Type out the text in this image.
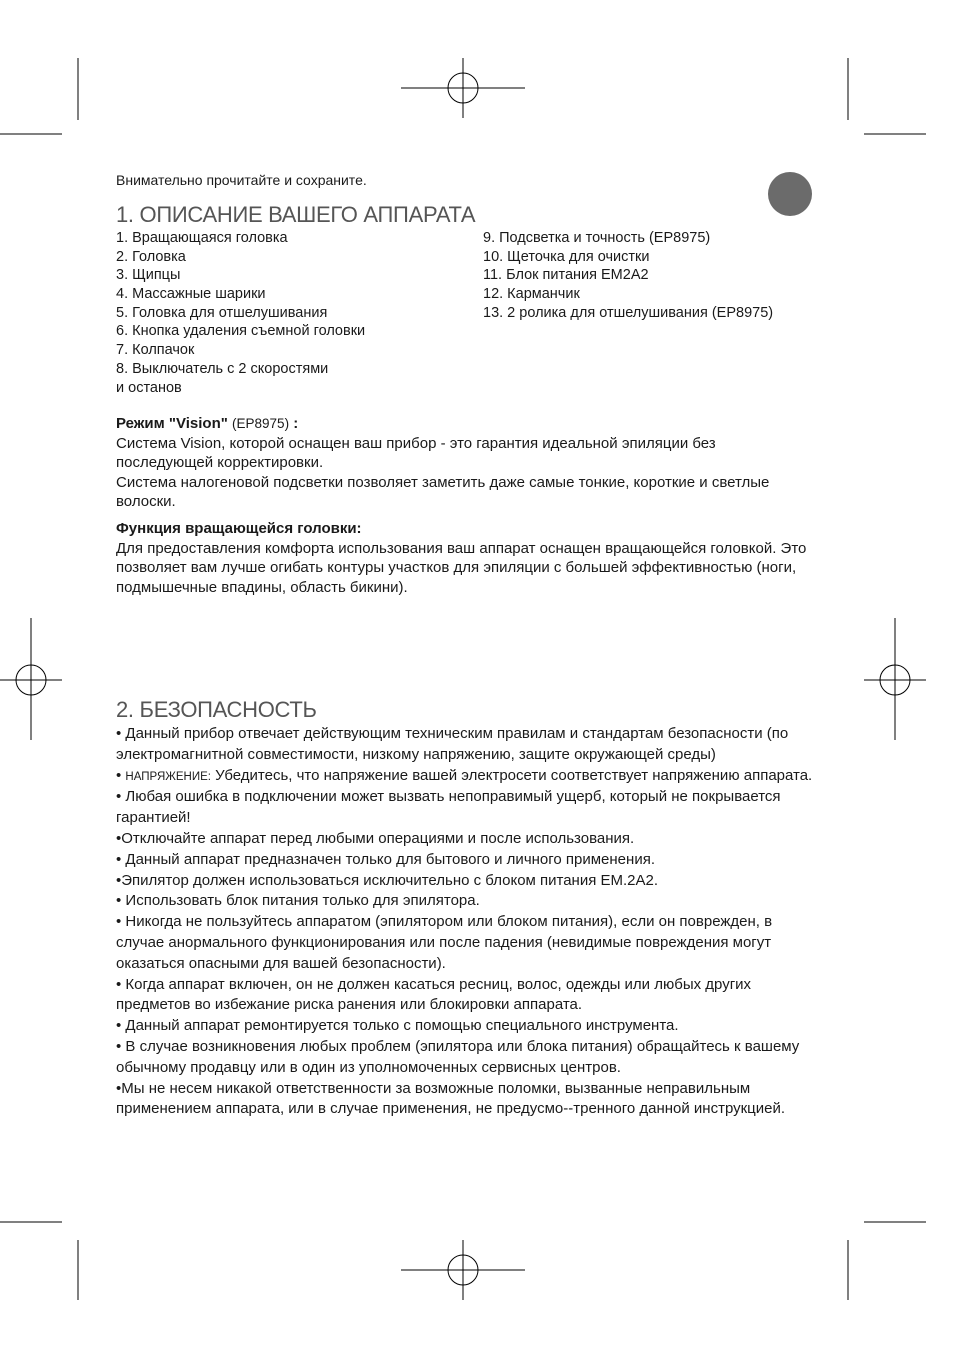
Внимательно прочитайте и сохраните.
1. ОПИСАНИЕ ВАШЕГО АППАРАТА
1. Вращающаяся головка
2. Головка
3. Щипцы
4. Массажные шарики
5. Головка для отшелушивания
6. Кнопка удаления съемной головки
7. Колпачок
8. Выключатель с 2 скоростями
и останов
9. Подсветка и точность (EP8975)
10. Щеточка для очистки
11. Блок питания EM2A2
12. Карманчик
13. 2 ролика для отшелушивания (EP8975)

Режим "Vision" (EP8975) :

Система Vision, которой оснащен ваш прибор - это гарантия идеальной эпиляции без последующей корректировки.

Система налогеновой подсветки позволяет заметить даже самые тонкие, короткие и светлые волоски.

Функция вращающейся головки:

Для предоставления комфорта использования ваш аппарат оснащен вращающейся головкой. Это позволяет вам лучше огибать контуры участков для эпиляции с большей эффективностью (ноги, подмышечные впадины, область бикини).

2. БЕЗОПАСНОСТЬ
• Данный прибор отвечает действующим техническим правилам и стандартам безопасности (по электромагнитной совместимости, низкому напряжению, защите окружающей среды)
• НАПРЯЖЕНИЕ: Убедитесь, что напряжение вашей электросети соответствует напряжению аппарата.
• Любая ошибка в подключении может вызвать непоправимый ущерб, который не покрывается гарантией!
•Отключайте аппарат перед любыми операциями и после использования.
• Данный аппарат предназначен только для бытового и личного применения.
•Эпилятор должен использоваться исключительно с блоком питания EM.2A2.
• Использовать блок питания только для эпилятора.
• Никогда не пользуйтесь аппаратом (эпилятором или блоком питания), если он поврежден, в случае анормального функционирования или после падения (невидимые повреждения могут оказаться опасными для вашей безопасности).
• Когда аппарат включен, он не должен касаться ресниц, волос, одежды или любых других предметов во избежание риска ранения или блокировки аппарата.
• Данный аппарат ремонтируется только с помощью специального инструмента.
• В случае возникновения любых проблем (эпилятора или блока питания) обращайтесь к вашему обычному продавцу или в один из уполномоченных сервисных центров.
•Мы не несем никакой ответственности за возможные поломки, вызванные неправильным применением аппарата, или в случае применения, не предусмо--тренного данной инструкцией.
